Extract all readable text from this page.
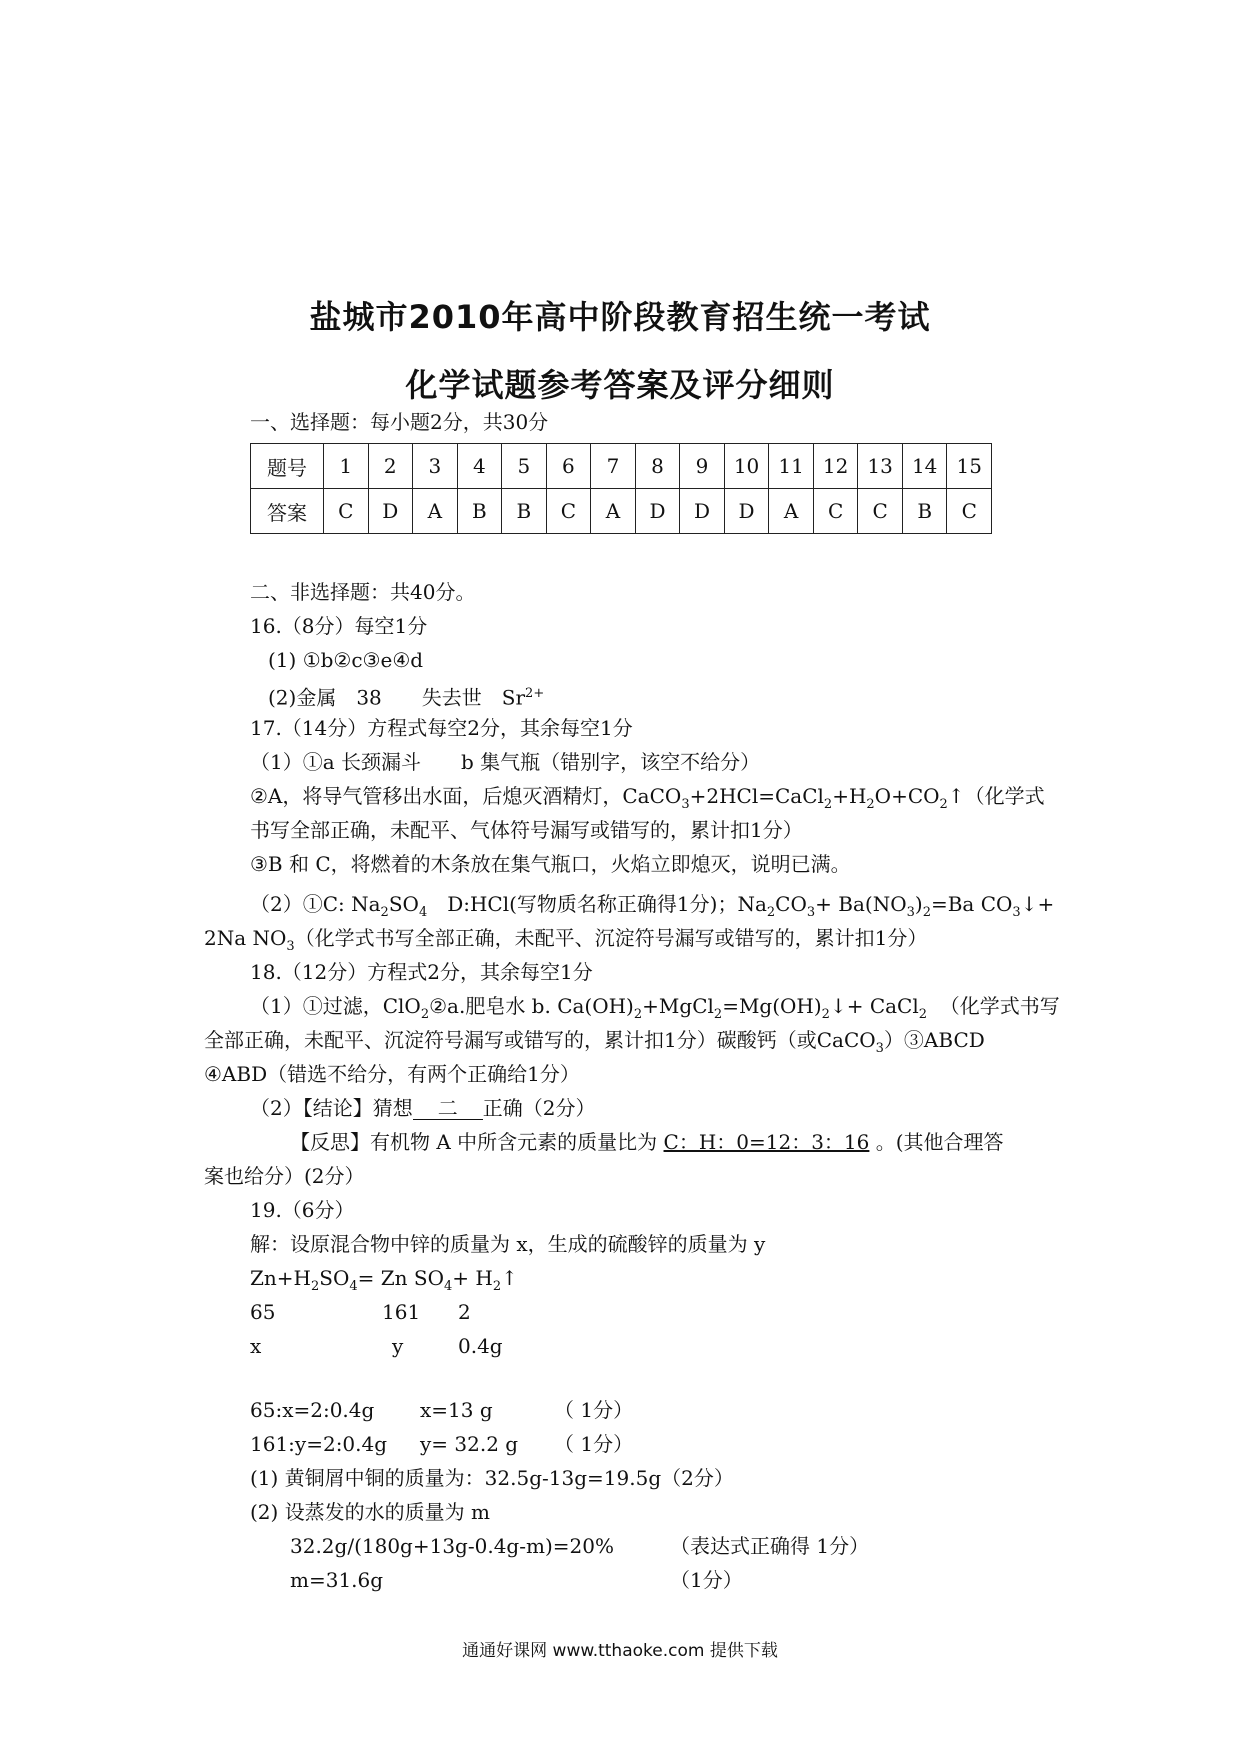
盐城市2010年高中阶段教育招生统一考试
化学试题参考答案及评分细则
一、选择题：每小题2分，共30分
题号	1	2	3	4	5	6	7	8	9	10	11	12	13	14	15
答案	C	D	A	B	B	C	A	D	D	D	A	C	C	B	C
二、非选择题：共40分。
16.（8分）每空1分
(1) ①b②c③e④d
(2)金属　38　　失去世　$Sr^{2+}$
17.（14分）方程式每空2分，其余每空1分
（1）①a 长颈漏斗　　b 集气瓶（错别字，该空不给分）
②A，将导气管移出水面，后熄灭酒精灯，$CaCO_3+2HCl=CaCl_2+H_2O+CO_2↑$（化学式
书写全部正确，未配平、气体符号漏写或错写的，累计扣1分）
③B 和 C，将燃着的木条放在集气瓶口，火焰立即熄灭，说明已满。
（2）①C: $Na_2SO_4$　D:HCl(写物质名称正确得1分)；$Na_2CO_3+ Ba(NO_3)_2=Ba$ $CO_3↓+$
2Na $NO_3$（化学式书写全部正确，未配平、沉淀符号漏写或错写的，累计扣1分）
18.（12分）方程式2分，其余每空1分
（1）①过滤，ClO$_2$②a.肥皂水 b. $Ca(OH)_2+MgCl_2=Mg(OH)_2↓+$ CaCl$_2$ （化学式书写
全部正确，未配平、沉淀符号漏写或错写的，累计扣1分）碳酸钙（或CaCO$_3$）③ABCD
④ABD（错选不给分，有两个正确给1分）
（2）【结论】猜想 二 正确（2分）
【反思】有机物 A 中所含元素的质量比为 C：H：0=12：3：16 。(其他合理答
案也给分）(2分）
19.（6分）
解：设原混合物中锌的质量为 x，生成的硫酸锌的质量为 y
$Zn+H_2SO_4= Zn$ $SO_4+$ $H_2↑$
65	161 2
x	y	0.4g
65:x=2:0.4g x=13 g	（ 1分）
161:y=2:0.4g y= 32.2 g （ 1分）
(1) 黄铜屑中铜的质量为：32.5g-13g=19.5g（2分）
(2) 设蒸发的水的质量为 m
32.2g/(180g+13g-0.4g-m)=20%	（表达式正确得 1分）
m=31.6g	（1分）
通通好课网 www.tthaoke.com 提供下载
